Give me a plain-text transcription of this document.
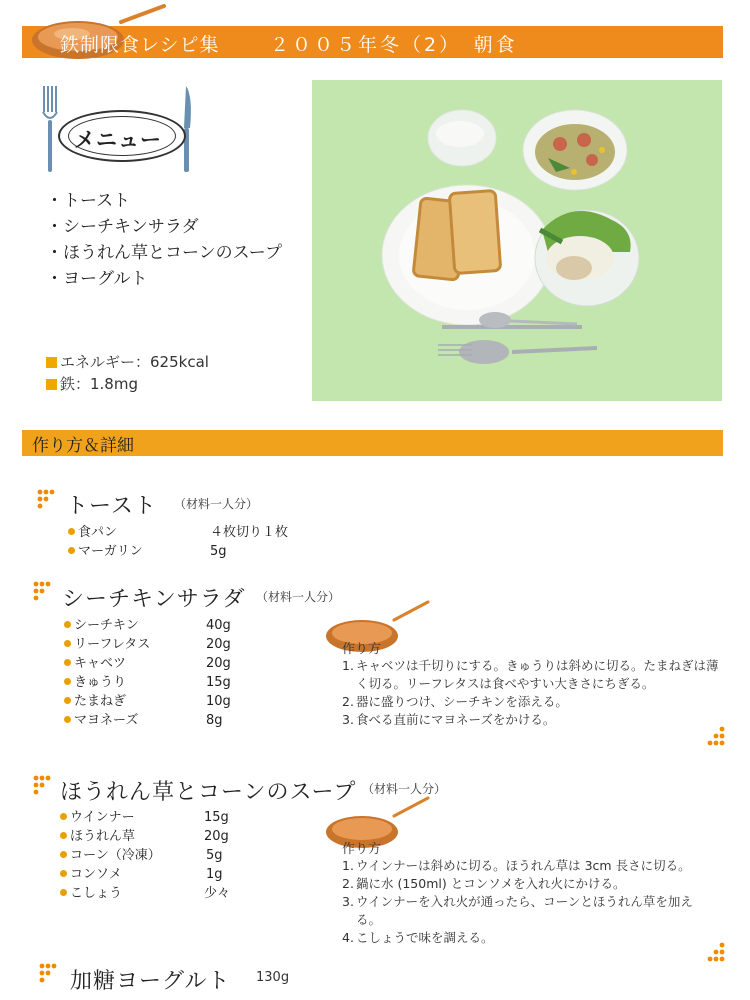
鉄制限食レシピ集	２００５年冬（2）　朝食
メニュー
・トースト
・シーチキンサラダ
・ほうれん草とコーンのスープ
・ヨーグルト
エネルギー：625kcal
鉄：1.8mg
作り方＆詳細
トースト （材料一人分）
食パン	４枚切り１枚
マーガリン	5g
シーチキンサラダ （材料一人分）
シーチキン	40g
リーフレタス	20g
キャベツ	20g
きゅうり	15g
たまねぎ	10g
マヨネーズ	8g
作り方
1. キャベツは千切りにする。きゅうりは斜めに切る。たまねぎは薄く切る。リーフレタスは食べやすい大きさにちぎる。
2. 器に盛りつけ、シーチキンを添える。
3. 食べる直前にマヨネーズをかける。
ほうれん草とコーンのスープ （材料一人分）
ウインナー	15g
ほうれん草	20g
コーン（冷凍）	5g
コンソメ	1g
こしょう	少々
作り方
1. ウインナーは斜めに切る。ほうれん草は 3cm 長さに切る。
2. 鍋に水 (150ml) とコンソメを入れ火にかける。
3. ウインナーを入れ火が通ったら、コーンとほうれん草を加える。
4. こしょうで味を調える。
加糖ヨーグルト 130g
